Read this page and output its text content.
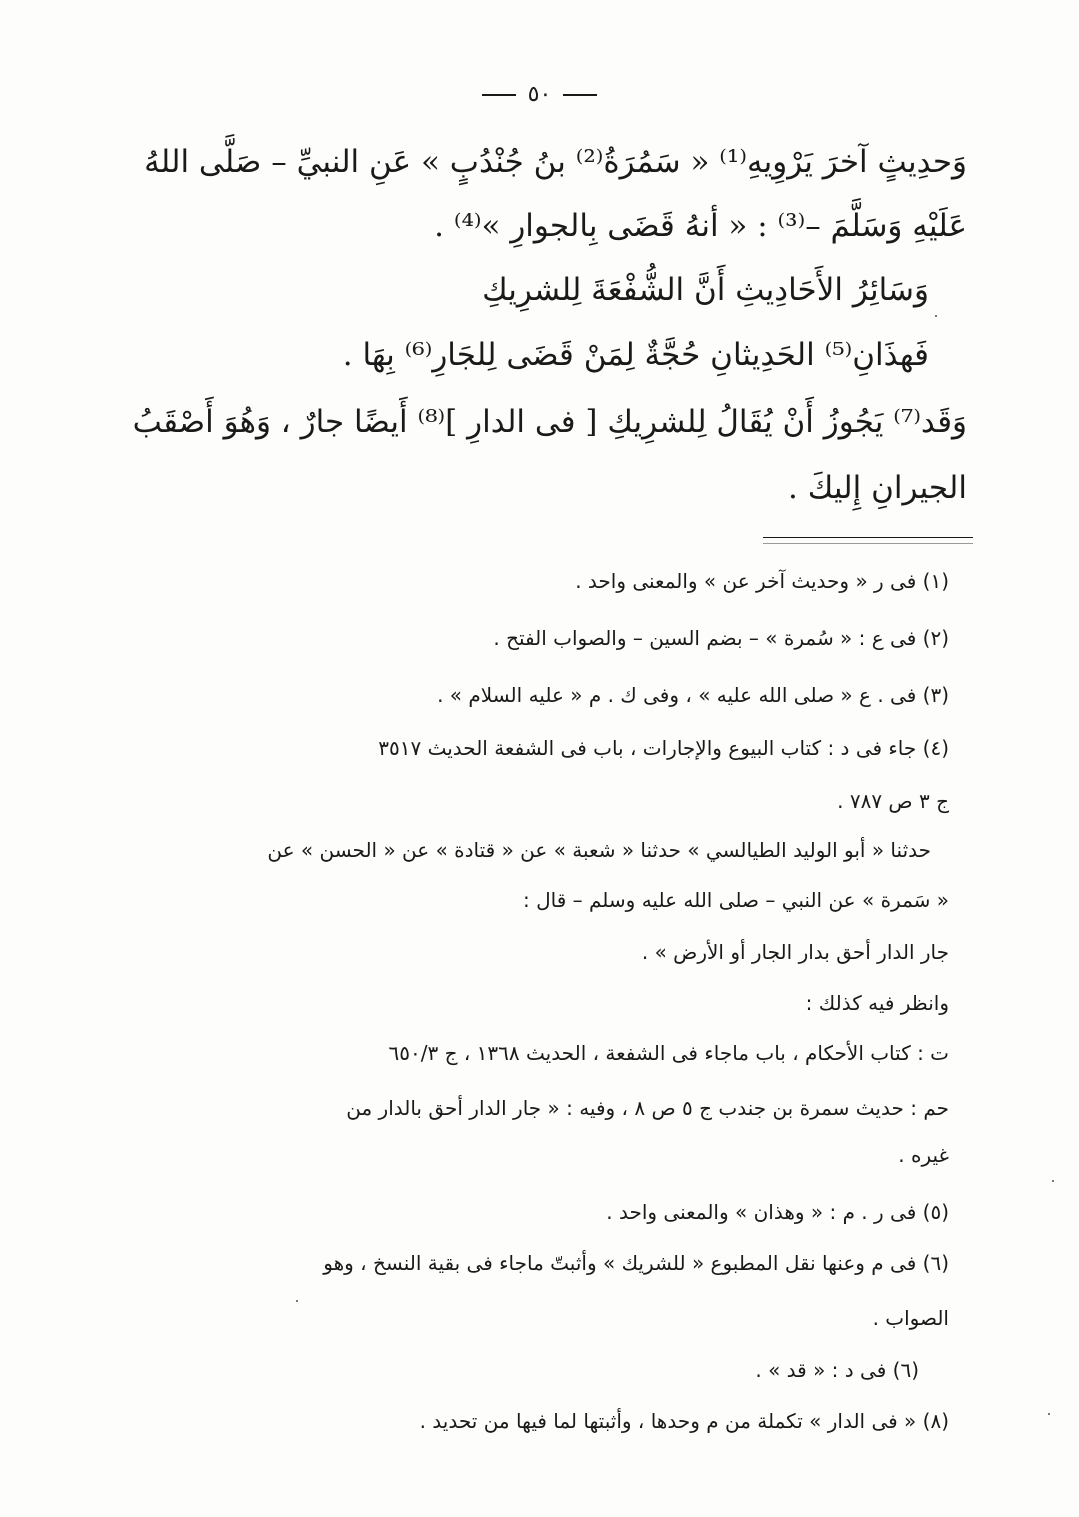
٥٠
وَحدِيثٍ آخرَ يَرْوِيهِ⁽¹⁾ « سَمُرَةُ⁽²⁾ بنُ جُنْدُبٍ » عَنِ النبيِّ – صَلَّى اللهُ
عَلَيْهِ وَسَلَّمَ –⁽³⁾ : « أنهُ قَضَى بِالجوارِ »⁽⁴⁾ .
وَسَائِرُ الأَحَادِيثِ أَنَّ الشُّفْعَةَ لِلشرِيكِ
فَهذَانِ⁽⁵⁾ الحَدِيثانِ حُجَّةٌ لِمَنْ قَضَى لِلجَارِ⁽⁶⁾ بِهَا .
وَقَد⁽⁷⁾ يَجُوزُ أَنْ يُقَالُ لِلشرِيكِ [ فى الدارِ ]⁽⁸⁾ أَيضًا جارٌ ، وَهُوَ أَصْقَبُ
الجيرانِ إِليكَ .
(١) فى ر « وحديث آخر عن » والمعنى واحد .
(٢) فى ع : « سُمرة » – بضم السين – والصواب الفتح .
(٣) فى . ع « صلى الله عليه » ، وفى ك . م « عليه السلام » .
(٤) جاء فى د : كتاب البيوع والإجارات ، باب فى الشفعة الحديث ٣٥١٧
ج ٣ ص ٧٨٧ .
حدثنا « أبو الوليد الطيالسي » حدثنا « شعبة » عن « قتادة » عن « الحسن » عن
« سَمرة » عن النبي – صلى الله عليه وسلم – قال :
جار الدار أحق بدار الجار أو الأرض » .
وانظر فيه كذلك :
ت : كتاب الأحكام ، باب ماجاء فى الشفعة ، الحديث ١٣٦٨ ، ج ٦٥٠/٣
حم : حديث سمرة بن جندب ج ٥ ص ٨ ، وفيه : « جار الدار أحق بالدار من
غيره .
(٥) فى ر . م : « وهذان » والمعنى واحد .
(٦) فى م وعنها نقل المطبوع « للشريك » وأثبتّ ماجاء فى بقية النسخ ، وهو
الصواب .
(٦) فى د : « قد » .
(٨) « فى الدار » تكملة من م وحدها ، وأثبتها لما فيها من تحديد .
